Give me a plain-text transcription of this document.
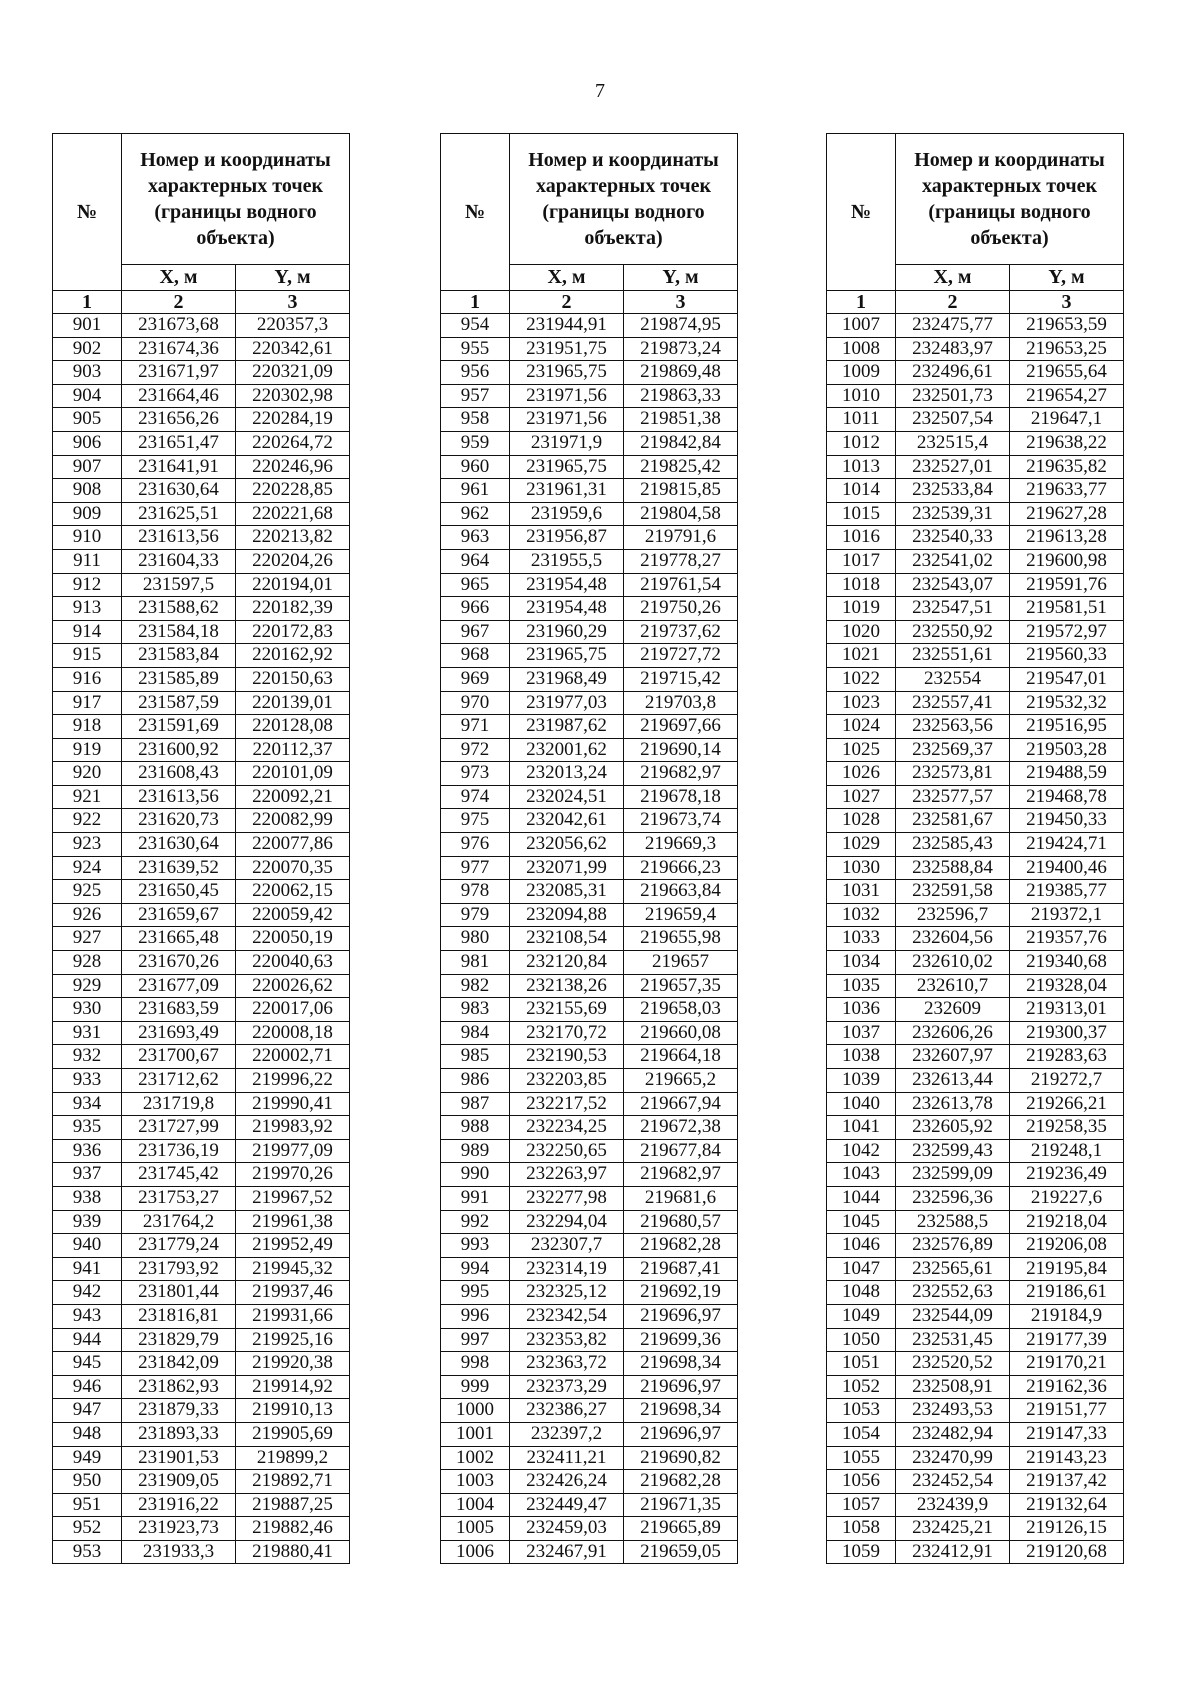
7
№	Номер и координаты характерных точек (границы водного объекта)	
	X, м	Y, м
1	2	3
901	231673,68	220357,3
902	231674,36	220342,61
903	231671,97	220321,09
904	231664,46	220302,98
905	231656,26	220284,19
906	231651,47	220264,72
907	231641,91	220246,96
908	231630,64	220228,85
909	231625,51	220221,68
910	231613,56	220213,82
911	231604,33	220204,26
912	231597,5	220194,01
913	231588,62	220182,39
914	231584,18	220172,83
915	231583,84	220162,92
916	231585,89	220150,63
917	231587,59	220139,01
918	231591,69	220128,08
919	231600,92	220112,37
920	231608,43	220101,09
921	231613,56	220092,21
922	231620,73	220082,99
923	231630,64	220077,86
924	231639,52	220070,35
925	231650,45	220062,15
926	231659,67	220059,42
927	231665,48	220050,19
928	231670,26	220040,63
929	231677,09	220026,62
930	231683,59	220017,06
931	231693,49	220008,18
932	231700,67	220002,71
933	231712,62	219996,22
934	231719,8	219990,41
935	231727,99	219983,92
936	231736,19	219977,09
937	231745,42	219970,26
938	231753,27	219967,52
939	231764,2	219961,38
940	231779,24	219952,49
941	231793,92	219945,32
942	231801,44	219937,46
943	231816,81	219931,66
944	231829,79	219925,16
945	231842,09	219920,38
946	231862,93	219914,92
947	231879,33	219910,13
948	231893,33	219905,69
949	231901,53	219899,2
950	231909,05	219892,71
951	231916,22	219887,25
952	231923,73	219882,46
953	231933,3	219880,41
№	Номер и координаты характерных точек (границы водного объекта)	
	X, м	Y, м
1	2	3
954	231944,91	219874,95
955	231951,75	219873,24
956	231965,75	219869,48
957	231971,56	219863,33
958	231971,56	219851,38
959	231971,9	219842,84
960	231965,75	219825,42
961	231961,31	219815,85
962	231959,6	219804,58
963	231956,87	219791,6
964	231955,5	219778,27
965	231954,48	219761,54
966	231954,48	219750,26
967	231960,29	219737,62
968	231965,75	219727,72
969	231968,49	219715,42
970	231977,03	219703,8
971	231987,62	219697,66
972	232001,62	219690,14
973	232013,24	219682,97
974	232024,51	219678,18
975	232042,61	219673,74
976	232056,62	219669,3
977	232071,99	219666,23
978	232085,31	219663,84
979	232094,88	219659,4
980	232108,54	219655,98
981	232120,84	219657
982	232138,26	219657,35
983	232155,69	219658,03
984	232170,72	219660,08
985	232190,53	219664,18
986	232203,85	219665,2
987	232217,52	219667,94
988	232234,25	219672,38
989	232250,65	219677,84
990	232263,97	219682,97
991	232277,98	219681,6
992	232294,04	219680,57
993	232307,7	219682,28
994	232314,19	219687,41
995	232325,12	219692,19
996	232342,54	219696,97
997	232353,82	219699,36
998	232363,72	219698,34
999	232373,29	219696,97
1000	232386,27	219698,34
1001	232397,2	219696,97
1002	232411,21	219690,82
1003	232426,24	219682,28
1004	232449,47	219671,35
1005	232459,03	219665,89
1006	232467,91	219659,05
№	Номер и координаты характерных точек (границы водного объекта)	
	X, м	Y, м
1	2	3
1007	232475,77	219653,59
1008	232483,97	219653,25
1009	232496,61	219655,64
1010	232501,73	219654,27
1011	232507,54	219647,1
1012	232515,4	219638,22
1013	232527,01	219635,82
1014	232533,84	219633,77
1015	232539,31	219627,28
1016	232540,33	219613,28
1017	232541,02	219600,98
1018	232543,07	219591,76
1019	232547,51	219581,51
1020	232550,92	219572,97
1021	232551,61	219560,33
1022	232554	219547,01
1023	232557,41	219532,32
1024	232563,56	219516,95
1025	232569,37	219503,28
1026	232573,81	219488,59
1027	232577,57	219468,78
1028	232581,67	219450,33
1029	232585,43	219424,71
1030	232588,84	219400,46
1031	232591,58	219385,77
1032	232596,7	219372,1
1033	232604,56	219357,76
1034	232610,02	219340,68
1035	232610,7	219328,04
1036	232609	219313,01
1037	232606,26	219300,37
1038	232607,97	219283,63
1039	232613,44	219272,7
1040	232613,78	219266,21
1041	232605,92	219258,35
1042	232599,43	219248,1
1043	232599,09	219236,49
1044	232596,36	219227,6
1045	232588,5	219218,04
1046	232576,89	219206,08
1047	232565,61	219195,84
1048	232552,63	219186,61
1049	232544,09	219184,9
1050	232531,45	219177,39
1051	232520,52	219170,21
1052	232508,91	219162,36
1053	232493,53	219151,77
1054	232482,94	219147,33
1055	232470,99	219143,23
1056	232452,54	219137,42
1057	232439,9	219132,64
1058	232425,21	219126,15
1059	232412,91	219120,68
